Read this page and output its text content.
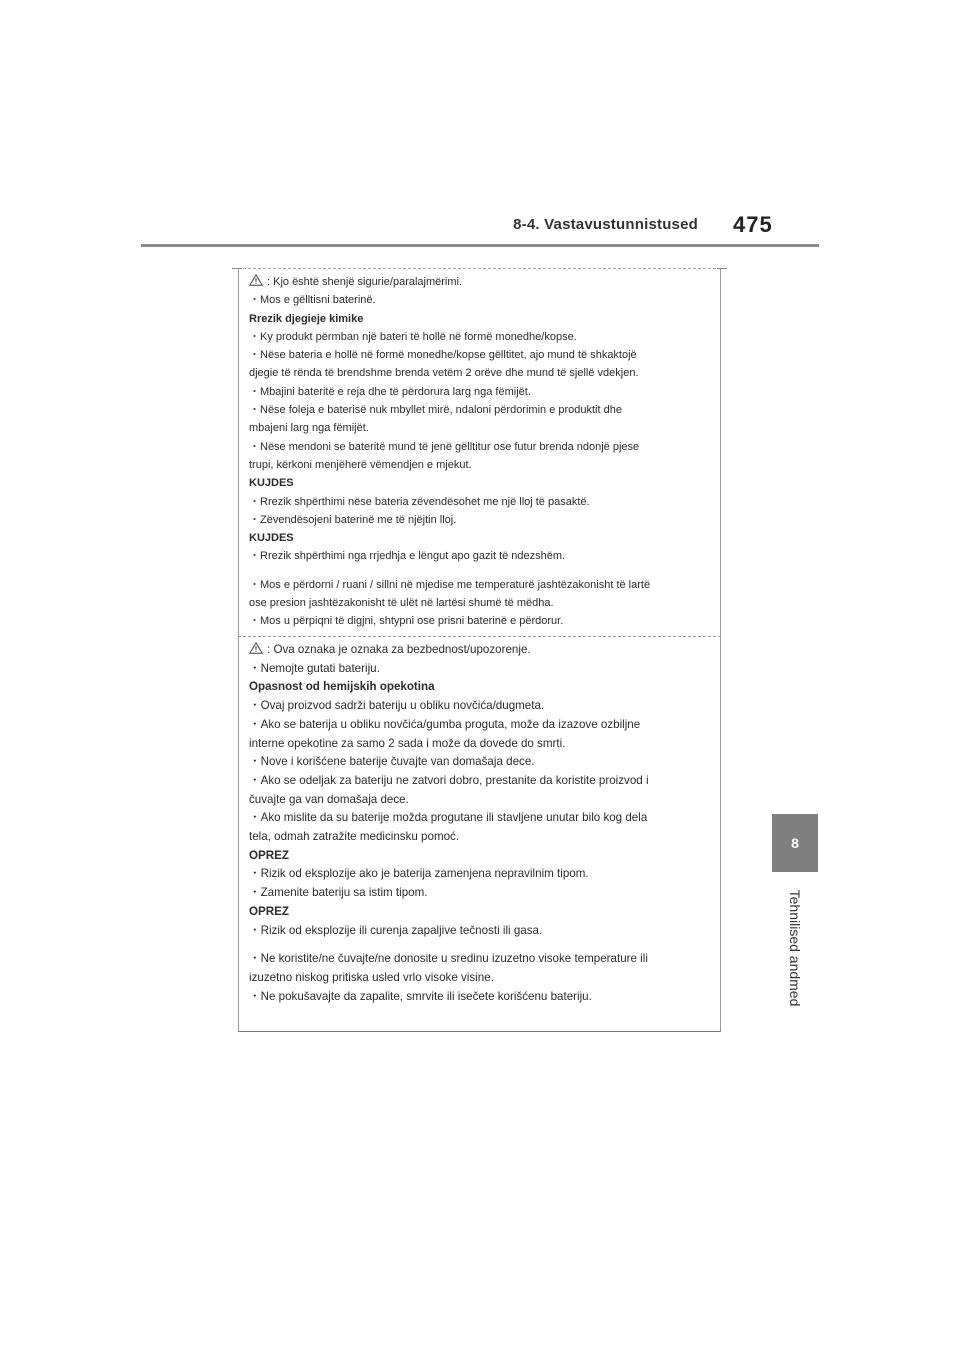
8-4. Vastavustunnistused 475
8
Tehnilised andmed
: Kjo është shenjë sigurie/paralajmërimi.
・Mos e gëlltisni baterinë.
Rrezik djegieje kimike
・Ky produkt përmban një bateri të hollë në formë monedhe/kopse.
・Nëse bateria e hollë në formë monedhe/kopse gëlltitet, ajo mund të shkaktojë
djegie të rënda të brendshme brenda vetëm 2 orëve dhe mund të sjellë vdekjen.
・Mbajini bateritë e reja dhe të përdorura larg nga fëmijët.
・Nëse foleja e baterisë nuk mbyllet mirë, ndaloni përdorimin e produktit dhe
mbajeni larg nga fëmijët.
・Nëse mendoni se bateritë mund të jenë gëlltitur ose futur brenda ndonjë pjese
trupi, kërkoni menjëherë vëmendjen e mjekut.
KUJDES
・Rrezik shpërthimi nëse bateria zëvendësohet me një lloj të pasaktë.
・Zëvendësojeni baterinë me të njëjtin lloj.
KUJDES
・Rrezik shpërthimi nga rrjedhja e lëngut apo gazit të ndezshëm.
・Mos e përdorni / ruani / sillni në mjedise me temperaturë jashtëzakonisht të lartë
ose presion jashtëzakonisht të ulët në lartësi shumë të mëdha.
・Mos u përpiqni të digjni, shtypni ose prisni baterinë e përdorur.
: Ova oznaka je oznaka za bezbednost/upozorenje.
・Nemojte gutati bateriju.
Opasnost od hemijskih opekotina
・Ovaj proizvod sadrži bateriju u obliku novčića/dugmeta.
・Ako se baterija u obliku novčića/gumba proguta, može da izazove ozbiljne
interne opekotine za samo 2 sada i može da dovede do smrti.
・Nove i korišćene baterije čuvajte van domašaja dece.
・Ako se odeljak za bateriju ne zatvori dobro, prestanite da koristite proizvod i
čuvajte ga van domašaja dece.
・Ako mislite da su baterije možda progutane ili stavljene unutar bilo kog dela
tela, odmah zatražite medicinsku pomoć.
OPREZ
・Rizik od eksplozije ako je baterija zamenjena nepravilnim tipom.
・Zamenite bateriju sa istim tipom.
OPREZ
・Rizik od eksplozije ili curenja zapaljive tečnosti ili gasa.
・Ne koristite/ne čuvajte/ne donosite u sredinu izuzetno visoke temperature ili
izuzetno niskog pritiska usled vrlo visoke visine.
・Ne pokušavajte da zapalite, smrvite ili isečete korišćenu bateriju.
